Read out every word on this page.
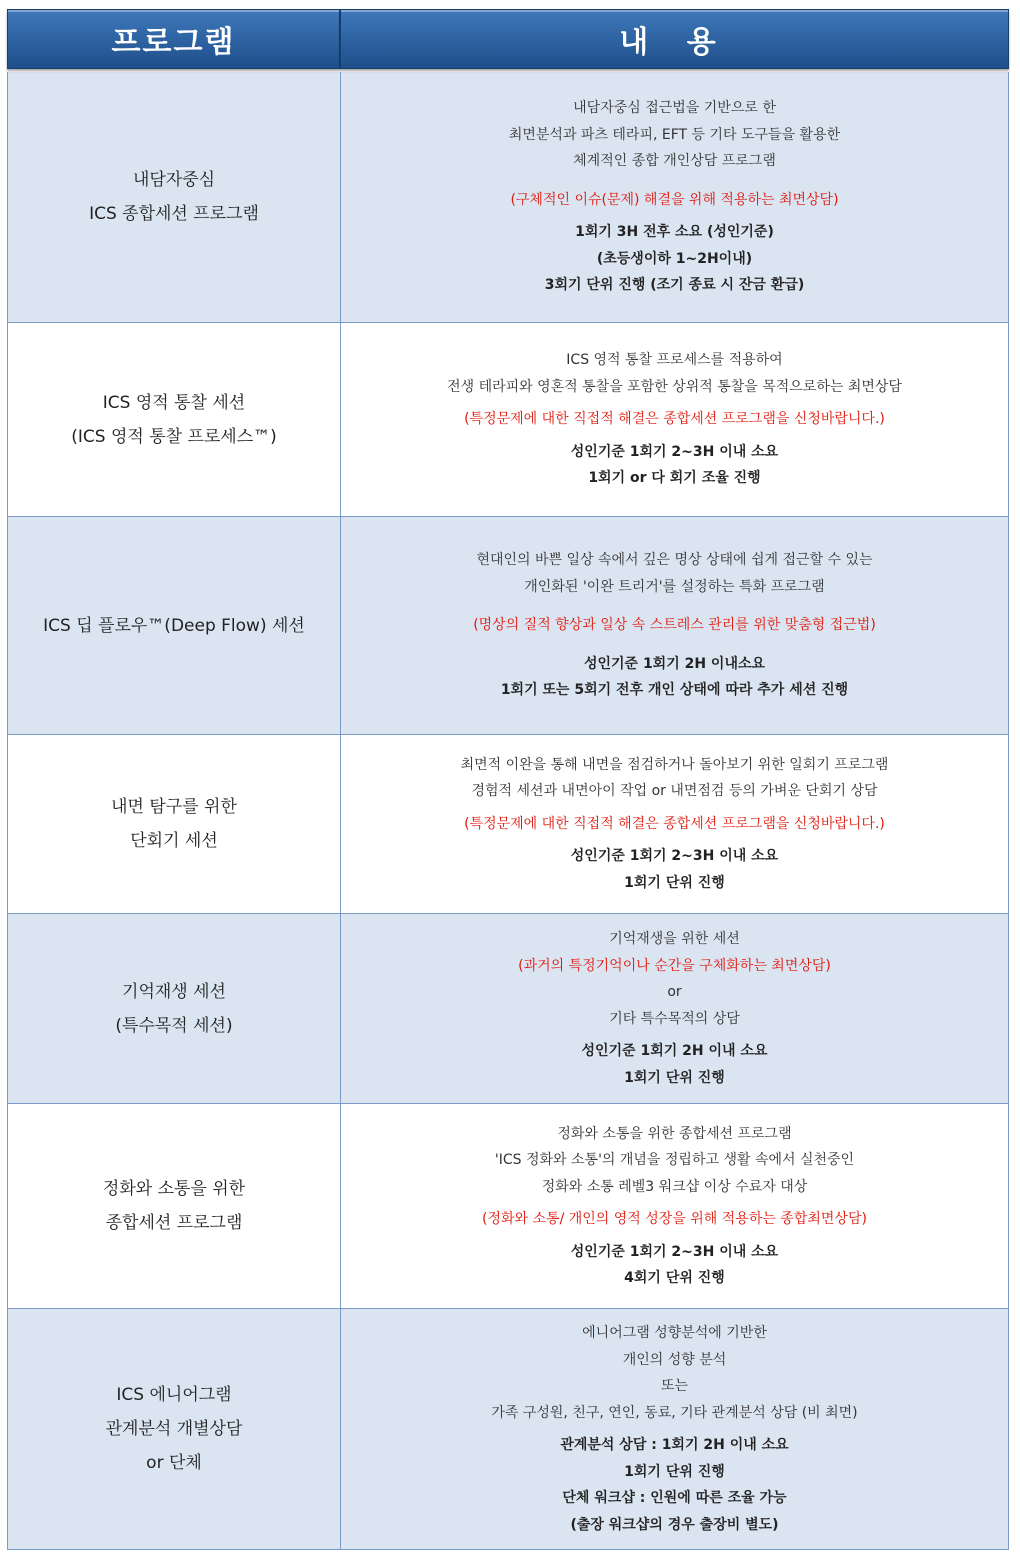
프로그램	내 용
내담자중심
ICS 종합세션 프로그램
내담자중심 접근법을 기반으로 한
최면분석과 파츠 테라피, EFT 등 기타 도구들을 활용한
체계적인 종합 개인상담 프로그램
(구체적인 이슈(문제) 해결을 위해 적용하는 최면상담)
1회기 3H 전후 소요 (성인기준)
(초등생이하 1~2H이내)
3회기 단위 진행 (조기 종료 시 잔금 환급)
ICS 영적 통찰 세션
(ICS 영적 통찰 프로세스™)
ICS 영적 통찰 프로세스를 적용하여
전생 테라피와 영혼적 통찰을 포함한 상위적 통찰을 목적으로하는 최면상담
(특정문제에 대한 직접적 해결은 종합세션 프로그램을 신청바랍니다.)
성인기준 1회기 2~3H 이내 소요
1회기 or 다 회기 조율 진행
ICS 딥 플로우™(Deep Flow) 세션
현대인의 바쁜 일상 속에서 깊은 명상 상태에 쉽게 접근할 수 있는
개인화된 '이완 트리거'를 설정하는 특화 프로그램
(명상의 질적 향상과 일상 속 스트레스 관리를 위한 맞춤형 접근법)
성인기준 1회기 2H 이내소요
1회기 또는 5회기 전후 개인 상태에 따라 추가 세션 진행
내면 탐구를 위한
단회기 세션
최면적 이완을 통해 내면을 점검하거나 돌아보기 위한 일회기 프로그램
경험적 세션과 내면아이 작업 or 내면점검 등의 가벼운 단회기 상담
(특정문제에 대한 직접적 해결은 종합세션 프로그램을 신청바랍니다.)
성인기준 1회기 2~3H 이내 소요
1회기 단위 진행
기억재생 세션
(특수목적 세션)
기억재생을 위한 세션
(과거의 특정기억이나 순간을 구체화하는 최면상담)
or
기타 특수목적의 상담
성인기준 1회기 2H 이내 소요
1회기 단위 진행
정화와 소통을 위한
종합세션 프로그램
정화와 소통을 위한 종합세션 프로그램
'ICS 정화와 소통'의 개념을 정립하고 생활 속에서 실천중인
정화와 소통 레벨3 워크샵 이상 수료자 대상
(정화와 소통/ 개인의 영적 성장을 위해 적용하는 종합최면상담)
성인기준 1회기 2~3H 이내 소요
4회기 단위 진행
ICS 에니어그램
관계분석 개별상담
or 단체
에니어그램 성향분석에 기반한
개인의 성향 분석
또는
가족 구성원, 친구, 연인, 동료, 기타 관계분석 상담 (비 최면)
관계분석 상담 : 1회기 2H 이내 소요
1회기 단위 진행
단체 워크샵 : 인원에 따른 조율 가능
(출장 워크샵의 경우 출장비 별도)
